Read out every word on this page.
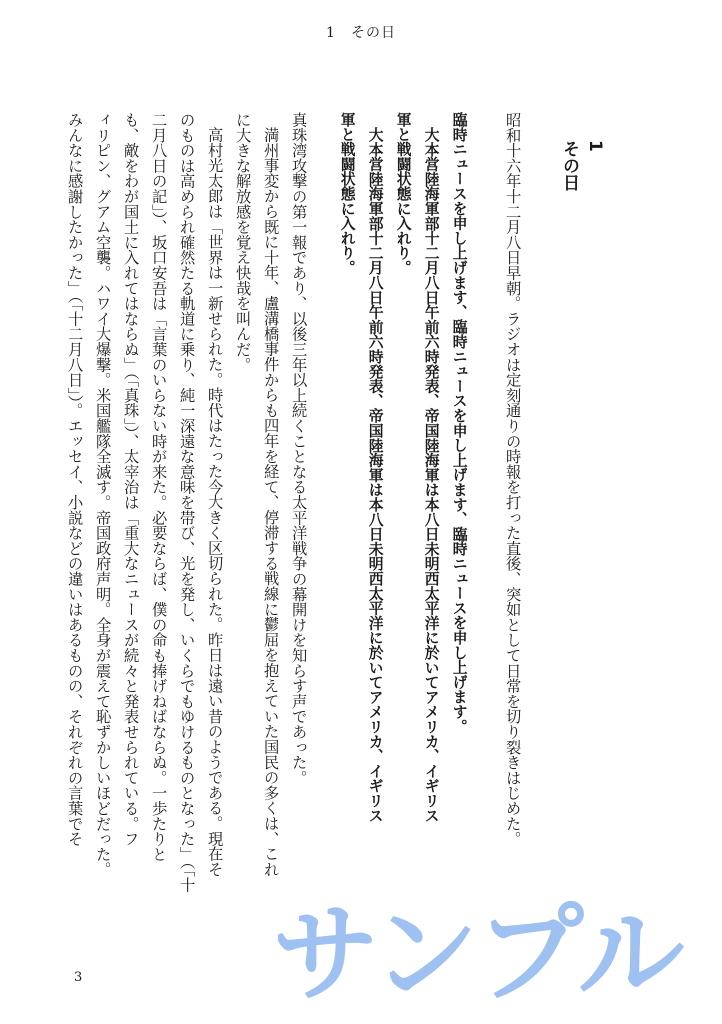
1　その日
昭和十六年十二月八日早朝。ラジオは定刻通りの時報を打った直後、突如として日常を切り裂きはじめた。	1
その日
臨時ニュースを申し上げます、臨時ニュースを申し上げます、臨時ニュースを申し上げます。
大本営陸海軍部十二月八日午前六時発表、帝国陸海軍は本八日未明西太平洋に於いてアメリカ、イギリス
軍と戦闘状態に入れり。
大本営陸海軍部十二月八日午前六時発表、帝国陸海軍は本八日未明西太平洋に於いてアメリカ、イギリス
軍と戦闘状態に入れり。
真珠湾攻撃の第一報であり、以後三年以上続くことなる太平洋戦争の幕開けを知らす声であった。
満州事変から既に十年、盧溝橋事件からも四年を経て、停滞する戦線に鬱屈を抱えていた国民の多くは、これ
に大きな解放感を覚え快哉を叫んだ。
高村光太郎は「世界は一新せられた。時代はたった今大きく区切られた。昨日は遠い昔のようである。現在そ
のものは高められ確然たる軌道に乗り、純一深遠な意味を帯び、光を発し、いくらでもゆけるものとなった」（「十
二月八日の記」）、坂口安吾は「言葉のいらない時が来た。必要ならば、僕の命も捧げねばならぬ。一歩たりと
も、敵をわが国土に入れてはならぬ」（「真珠」）、太宰治は「重大なニュースが続々と発表せられている。フ
ィリピン、グアム空襲。ハワイ大爆撃。米国艦隊全滅す。帝国政府声明。全身が震えて恥ずかしいほどだった。
みんなに感謝したかった」（「十二月八日」）。エッセイ、小説などの違いはあるものの、それぞれの言葉でそ
3 サンプル
